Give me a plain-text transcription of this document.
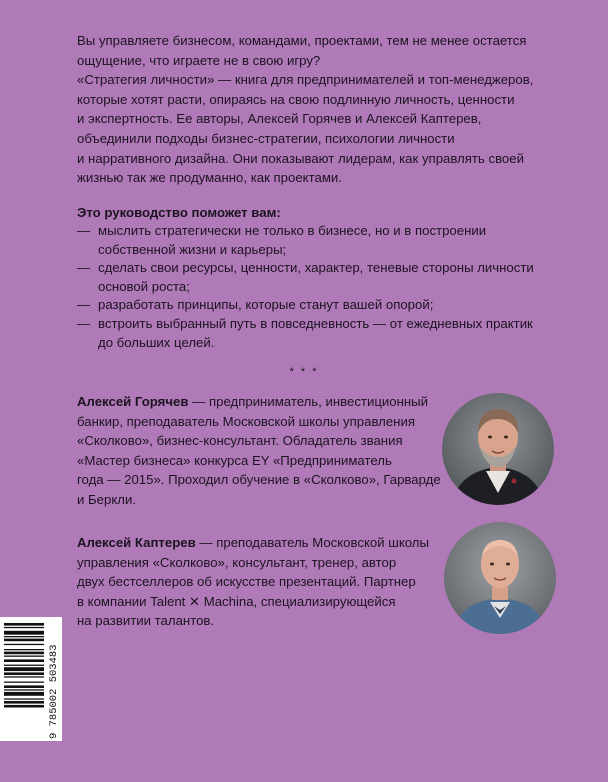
Вы управляете бизнесом, командами, проектами, тем не менее остается

ощущение, что играете не в свою игру?

«Стратегия личности» — книга для предпринимателей и топ-менеджеров,

которые хотят расти, опираясь на свою подлинную личность, ценности

и экспертность. Ее авторы, Алексей Горячев и Алексей Каптерев,

объединили подходы бизнес-стратегии, психологии личности

и нарративного дизайна. Они показывают лидерам, как управлять своей

жизнью так же продуманно, как проектами.

Это руководство поможет вам:

— мыслить стратегически не только в бизнесе, но и в построении
собственной жизни и карьеры;
— сделать свои ресурсы, ценности, характер, теневые стороны личности
основой роста;
— разработать принципы, которые станут вашей опорой;
— встроить выбранный путь в повседневность — от ежедневных практик
до больших целей.
* * *
Алексей Горячев — предприниматель, инвестиционный
банкир, преподаватель Московской школы управления
«Сколково», бизнес-консультант. Обладатель звания
«Мастер бизнеса» конкурса EY «Предприниматель
года — 2015». Проходил обучение в «Сколково», Гарварде
и Беркли.
Алексей Каптерев — преподаватель Московской школы
управления «Сколково», консультант, тренер, автор
двух бестселлеров об искусстве презентаций. Партнер
в компании Talent ✕ Machina, специализирующейся
на развитии талантов.
9 785002 503483
